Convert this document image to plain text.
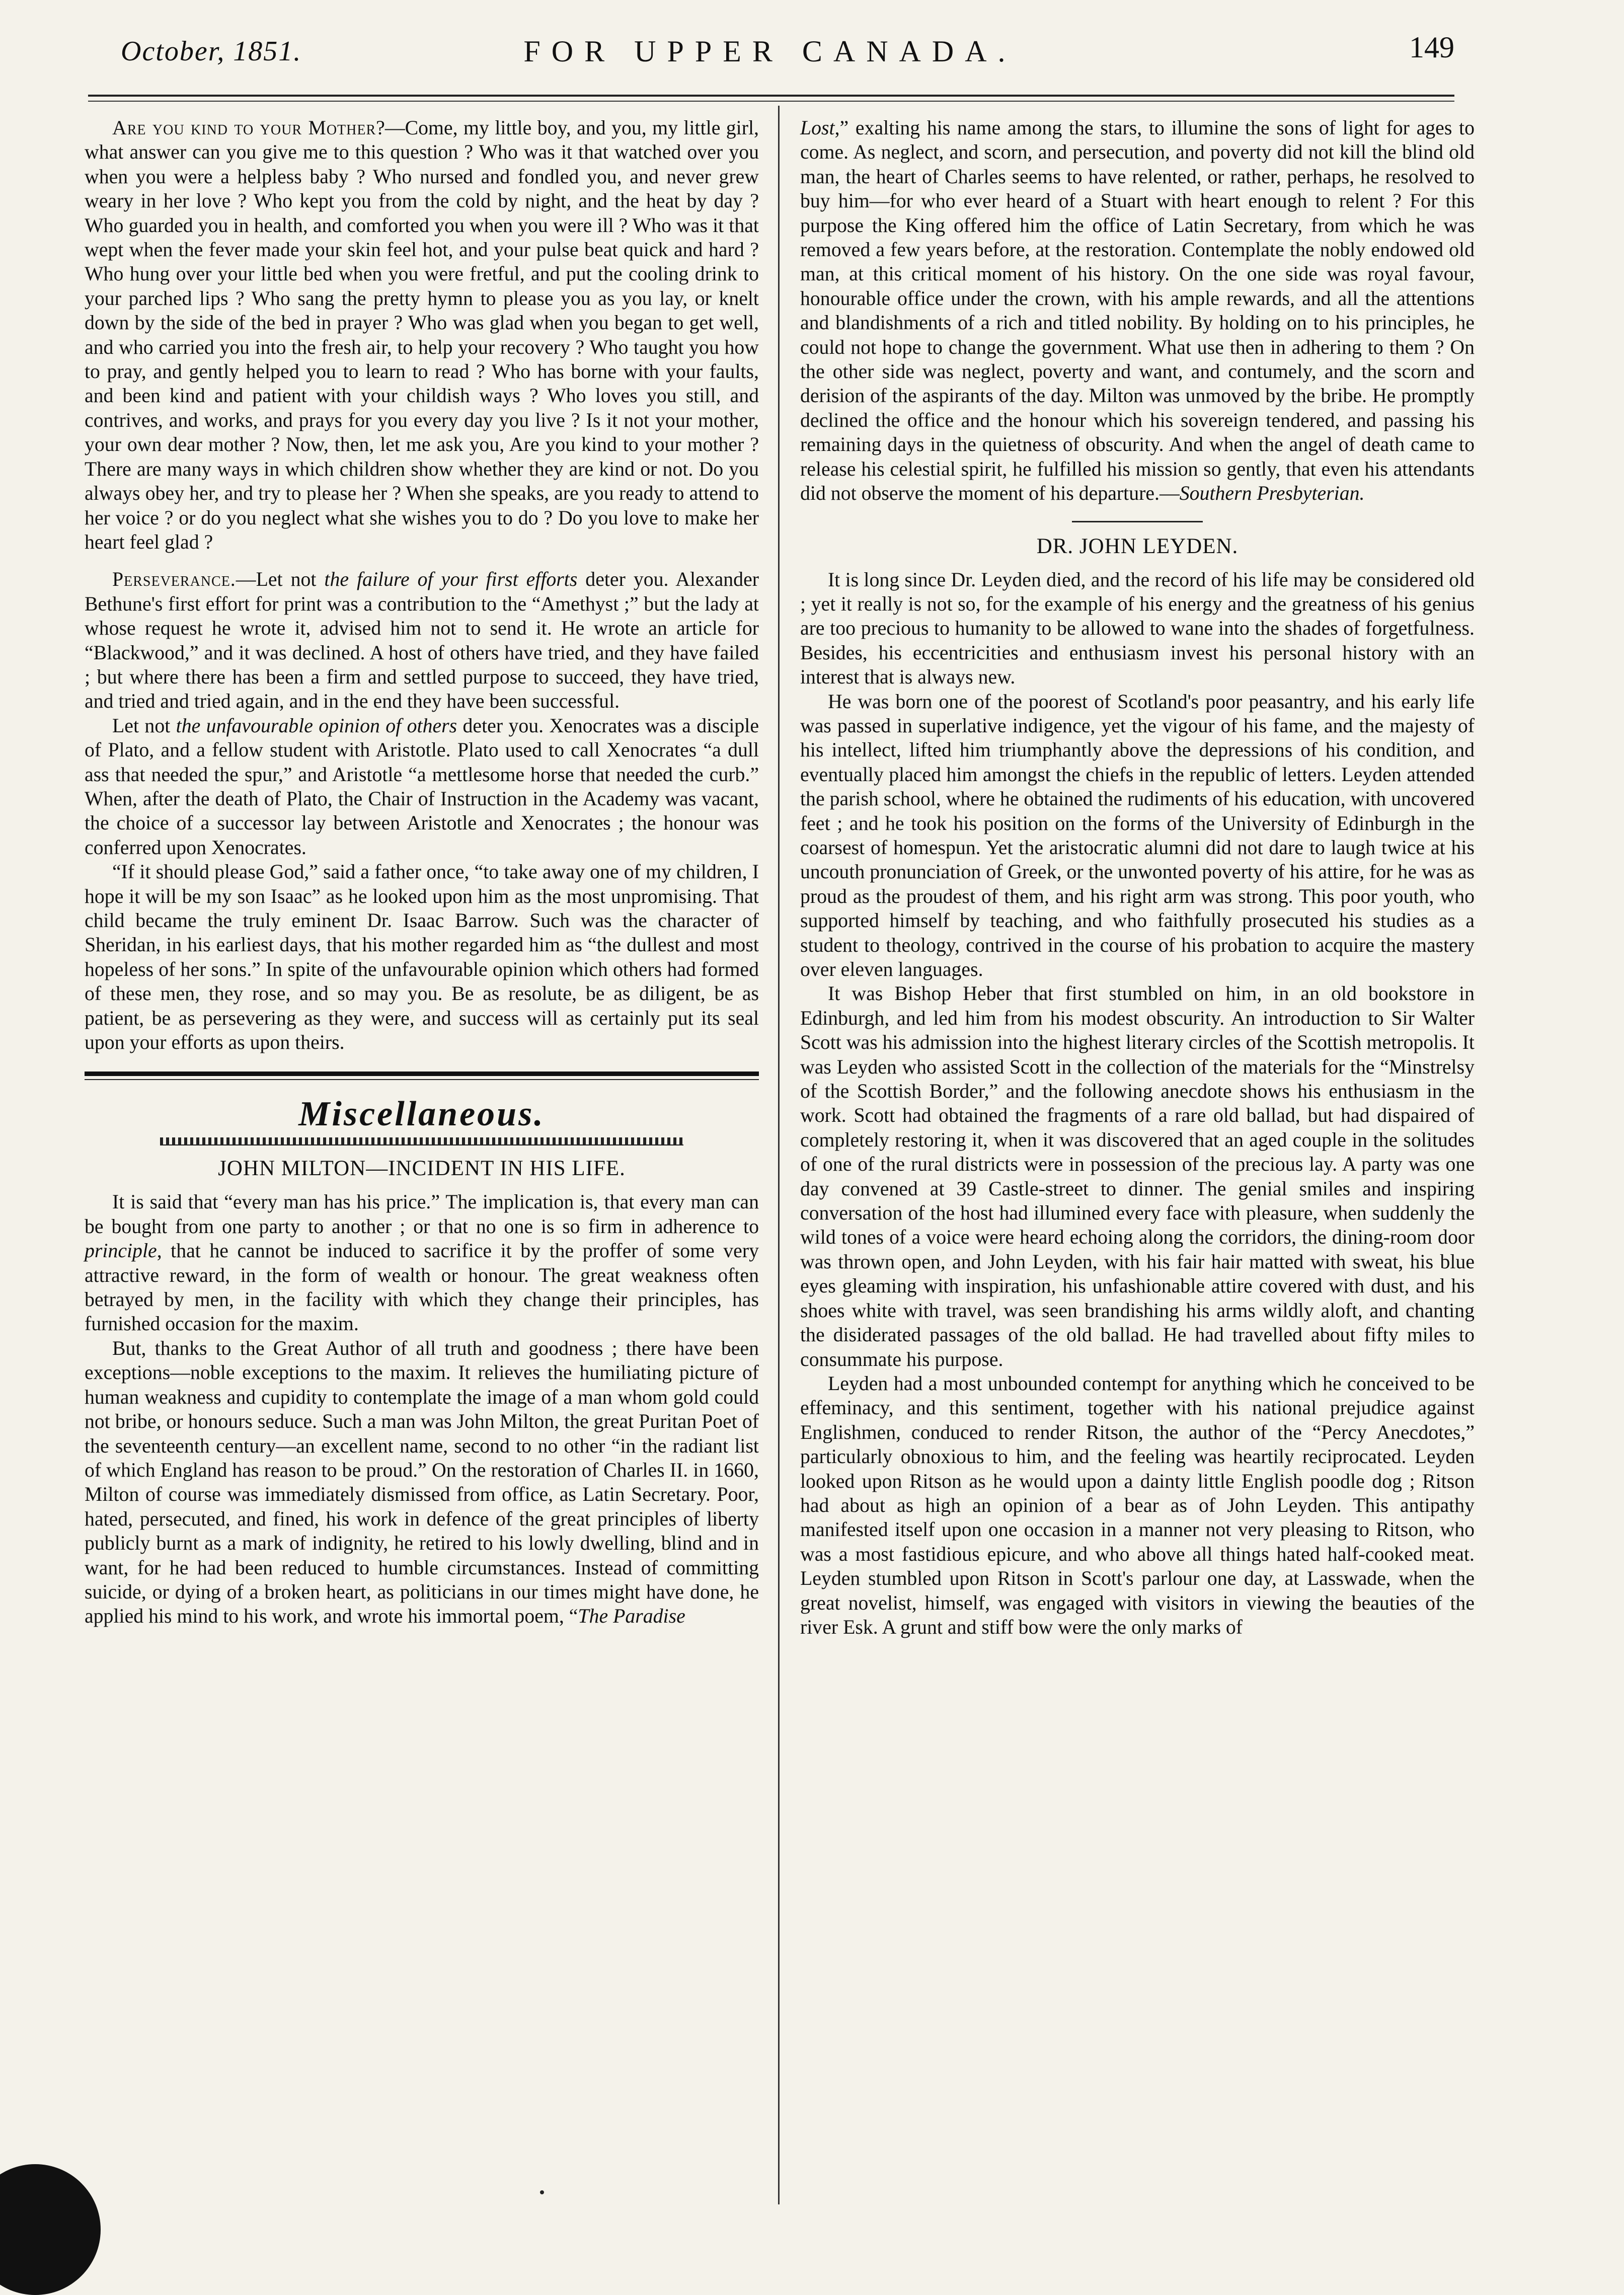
October, 1851.	FOR UPPER CANADA.	149

Are you kind to your Mother?—Come, my little boy, and you, my little girl, what answer can you give me to this question ? Who was it that watched over you when you were a helpless baby ? Who nursed and fondled you, and never grew weary in her love ? Who kept you from the cold by night, and the heat by day ? Who guarded you in health, and comforted you when you were ill ? Who was it that wept when the fever made your skin feel hot, and your pulse beat quick and hard ? Who hung over your little bed when you were fretful, and put the cooling drink to your parched lips ? Who sang the pretty hymn to please you as you lay, or knelt down by the side of the bed in prayer ? Who was glad when you began to get well, and who carried you into the fresh air, to help your recovery ? Who taught you how to pray, and gently helped you to learn to read ? Who has borne with your faults, and been kind and patient with your childish ways ? Who loves you still, and contrives, and works, and prays for you every day you live ? Is it not your mother, your own dear mother ? Now, then, let me ask you, Are you kind to your mother ? There are many ways in which children show whether they are kind or not. Do you always obey her, and try to please her ? When she speaks, are you ready to attend to her voice ? or do you neglect what she wishes you to do ? Do you love to make her heart feel glad ?

Perseverance.—Let not the failure of your first efforts deter you. Alexander Bethune's first effort for print was a contribution to the “Amethyst ;” but the lady at whose request he wrote it, advised him not to send it. He wrote an article for “Blackwood,” and it was declined. A host of others have tried, and they have failed ; but where there has been a firm and settled purpose to succeed, they have tried, and tried and tried again, and in the end they have been successful.

Let not the unfavourable opinion of others deter you. Xenocrates was a disciple of Plato, and a fellow student with Aristotle. Plato used to call Xenocrates “a dull ass that needed the spur,” and Aristotle “a mettlesome horse that needed the curb.” When, after the death of Plato, the Chair of Instruction in the Academy was vacant, the choice of a successor lay between Aristotle and Xenocrates ; the honour was conferred upon Xenocrates.

“If it should please God,” said a father once, “to take away one of my children, I hope it will be my son Isaac” as he looked upon him as the most unpromising. That child became the truly eminent Dr. Isaac Barrow. Such was the character of Sheridan, in his earliest days, that his mother regarded him as “the dullest and most hopeless of her sons.” In spite of the unfavourable opinion which others had formed of these men, they rose, and so may you. Be as resolute, be as diligent, be as patient, be as persevering as they were, and success will as certainly put its seal upon your efforts as upon theirs.

Miscellaneous.
JOHN MILTON—INCIDENT IN HIS LIFE.

It is said that “every man has his price.” The implication is, that every man can be bought from one party to another ; or that no one is so firm in adherence to principle, that he cannot be induced to sacrifice it by the proffer of some very attractive reward, in the form of wealth or honour. The great weakness often betrayed by men, in the facility with which they change their principles, has furnished occasion for the maxim.

But, thanks to the Great Author of all truth and goodness ; there have been exceptions—noble exceptions to the maxim. It relieves the humiliating picture of human weakness and cupidity to contemplate the image of a man whom gold could not bribe, or honours seduce. Such a man was John Milton, the great Puritan Poet of the seventeenth century—an excellent name, second to no other “in the radiant list of which England has reason to be proud.” On the restoration of Charles II. in 1660, Milton of course was immediately dismissed from office, as Latin Secretary. Poor, hated, persecuted, and fined, his work in defence of the great principles of liberty publicly burnt as a mark of indignity, he retired to his lowly dwelling, blind and in want, for he had been reduced to humble circumstances. Instead of committing suicide, or dying of a broken heart, as politicians in our times might have done, he applied his mind to his work, and wrote his immortal poem, “The Paradise

Lost,” exalting his name among the stars, to illumine the sons of light for ages to come. As neglect, and scorn, and persecution, and poverty did not kill the blind old man, the heart of Charles seems to have relented, or rather, perhaps, he resolved to buy him—for who ever heard of a Stuart with heart enough to relent ? For this purpose the King offered him the office of Latin Secretary, from which he was removed a few years before, at the restoration. Contemplate the nobly endowed old man, at this critical moment of his history. On the one side was royal favour, honourable office under the crown, with his ample rewards, and all the attentions and blandishments of a rich and titled nobility. By holding on to his principles, he could not hope to change the government. What use then in adhering to them ? On the other side was neglect, poverty and want, and contumely, and the scorn and derision of the aspirants of the day. Milton was unmoved by the bribe. He promptly declined the office and the honour which his sovereign tendered, and passing his remaining days in the quietness of obscurity. And when the angel of death came to release his celestial spirit, he fulfilled his mission so gently, that even his attendants did not observe the moment of his departure.—Southern Presbyterian.

DR. JOHN LEYDEN.

It is long since Dr. Leyden died, and the record of his life may be considered old ; yet it really is not so, for the example of his energy and the greatness of his genius are too precious to humanity to be allowed to wane into the shades of forgetfulness. Besides, his eccentricities and enthusiasm invest his personal history with an interest that is always new.

He was born one of the poorest of Scotland's poor peasantry, and his early life was passed in superlative indigence, yet the vigour of his fame, and the majesty of his intellect, lifted him triumphantly above the depressions of his condition, and eventually placed him amongst the chiefs in the republic of letters. Leyden attended the parish school, where he obtained the rudiments of his education, with uncovered feet ; and he took his position on the forms of the University of Edinburgh in the coarsest of homespun. Yet the aristocratic alumni did not dare to laugh twice at his uncouth pronunciation of Greek, or the unwonted poverty of his attire, for he was as proud as the proudest of them, and his right arm was strong. This poor youth, who supported himself by teaching, and who faithfully prosecuted his studies as a student to theology, contrived in the course of his probation to acquire the mastery over eleven languages.

It was Bishop Heber that first stumbled on him, in an old bookstore in Edinburgh, and led him from his modest obscurity. An introduction to Sir Walter Scott was his admission into the highest literary circles of the Scottish metropolis. It was Leyden who assisted Scott in the collection of the materials for the “Minstrelsy of the Scottish Border,” and the following anecdote shows his enthusiasm in the work. Scott had obtained the fragments of a rare old ballad, but had dispaired of completely restoring it, when it was discovered that an aged couple in the solitudes of one of the rural districts were in possession of the precious lay. A party was one day convened at 39 Castle-street to dinner. The genial smiles and inspiring conversation of the host had illumined every face with pleasure, when suddenly the wild tones of a voice were heard echoing along the corridors, the dining-room door was thrown open, and John Leyden, with his fair hair matted with sweat, his blue eyes gleaming with inspiration, his unfashionable attire covered with dust, and his shoes white with travel, was seen brandishing his arms wildly aloft, and chanting the disiderated passages of the old ballad. He had travelled about fifty miles to consummate his purpose.

Leyden had a most unbounded contempt for anything which he conceived to be effeminacy, and this sentiment, together with his national prejudice against Englishmen, conduced to render Ritson, the author of the “Percy Anecdotes,” particularly obnoxious to him, and the feeling was heartily reciprocated. Leyden looked upon Ritson as he would upon a dainty little English poodle dog ; Ritson had about as high an opinion of a bear as of John Leyden. This antipathy manifested itself upon one occasion in a manner not very pleasing to Ritson, who was a most fastidious epicure, and who above all things hated half-cooked meat. Leyden stumbled upon Ritson in Scott's parlour one day, at Lasswade, when the great novelist, himself, was engaged with visitors in viewing the beauties of the river Esk. A grunt and stiff bow were the only marks of
